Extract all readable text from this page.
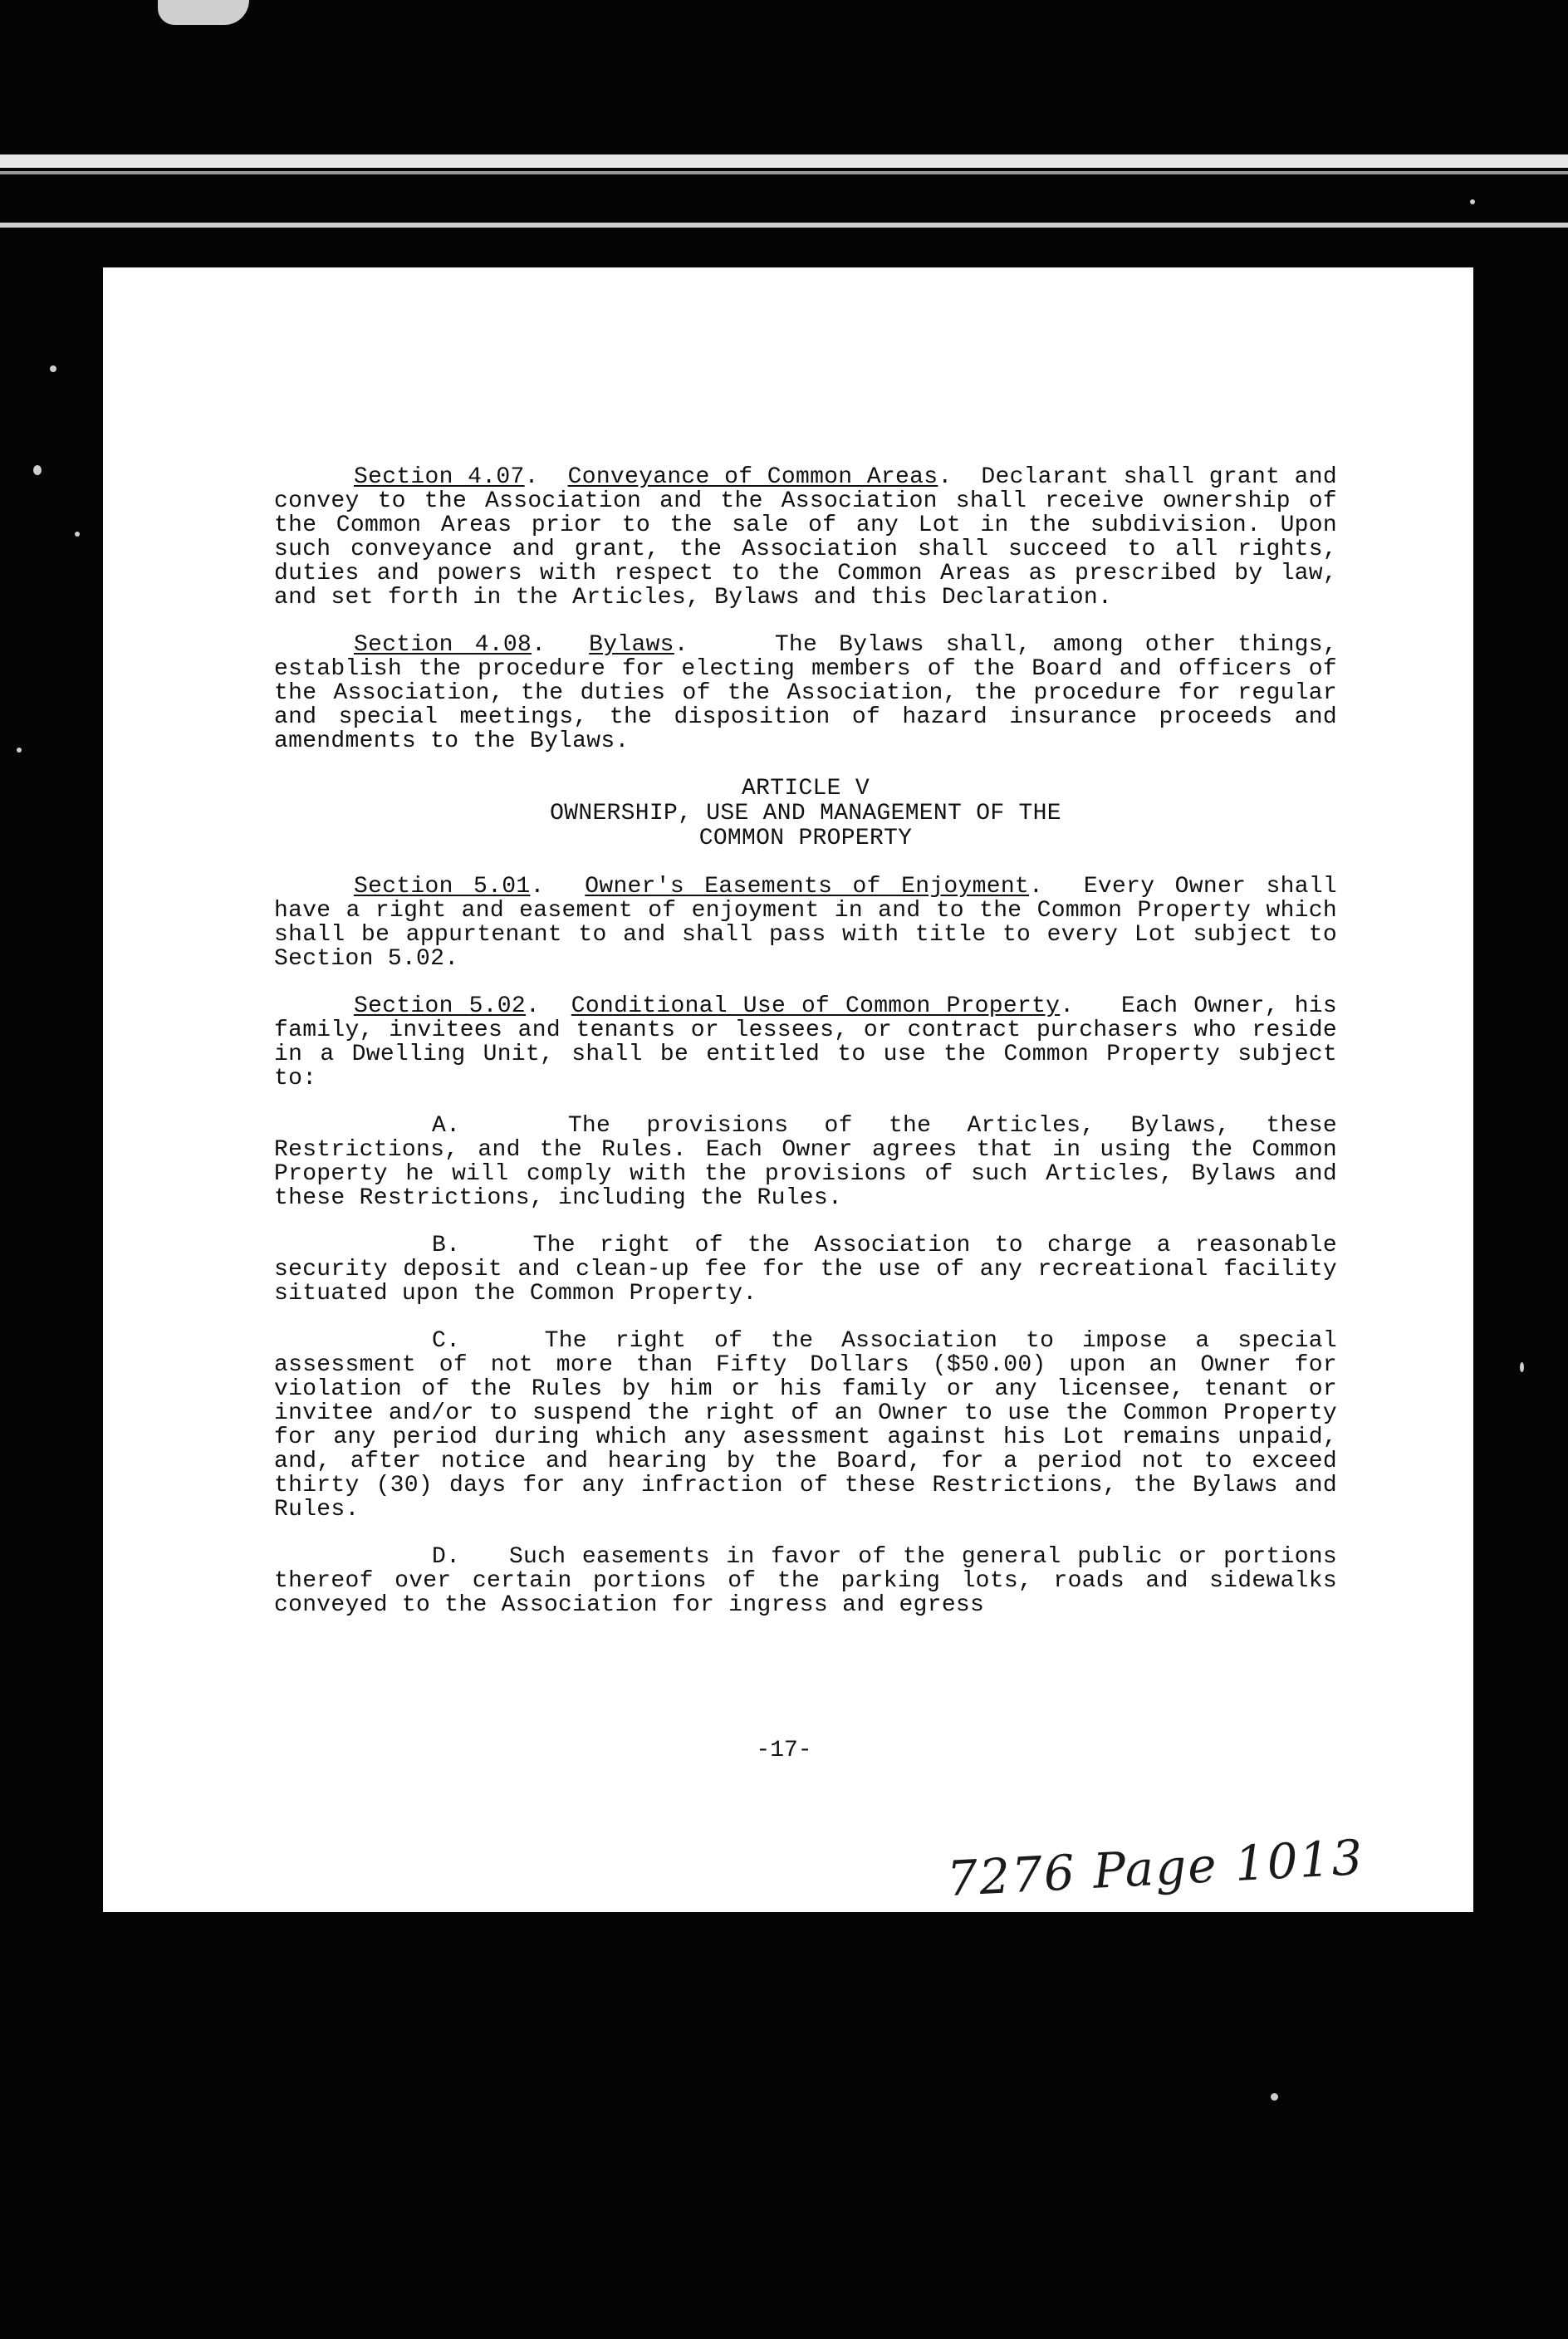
Section 4.07.  Conveyance of Common Areas.  Declarant shall grant and convey to the Association and the Association shall receive ownership of the Common Areas prior to the sale of any Lot in the subdivision. Upon such conveyance and grant, the Association shall succeed to all rights, duties and powers with respect to the Common Areas as prescribed by law, and set forth in the Articles, Bylaws and this Declaration.

Section 4.08.  Bylaws.    The Bylaws shall, among other things, establish the procedure for electing members of the Board and officers of the Association, the duties of the Association, the procedure for regular and special meetings, the disposition of hazard insurance proceeds and amendments to the Bylaws.

ARTICLE V
OWNERSHIP, USE AND MANAGEMENT OF THE
COMMON PROPERTY

Section 5.01.  Owner's Easements of Enjoyment.  Every Owner shall have a right and easement of enjoyment in and to the Common Property which shall be appurtenant to and shall pass with title to every Lot subject to Section 5.02.

Section 5.02.  Conditional Use of Common Property.   Each Owner, his family, invitees and tenants or lessees, or contract purchasers who reside in a Dwelling Unit, shall be entitled to use the Common Property subject to:

A.	The provisions of the Articles, Bylaws, these Restrictions, and the Rules. Each Owner agrees that in using the Common Property he will comply with the provisions of such Articles, Bylaws and these Restrictions, including the Rules.

B.	The right of the Association to charge a reasonable security deposit and clean-up fee for the use of any recreational facility situated upon the Common Property.

C.	The right of the Association to impose a special assessment of not more than Fifty Dollars ($50.00) upon an Owner for violation of the Rules by him or his family or any licensee, tenant or invitee and/or to suspend the right of an Owner to use the Common Property for any period during which any asessment against his Lot remains unpaid, and, after notice and hearing by the Board, for a period not to exceed thirty (30) days for any infraction of these Restrictions, the Bylaws and Rules.

D. Such easements in favor of the general public or portions thereof over certain portions of the parking lots, roads and sidewalks conveyed to the Association for ingress and egress

-17-
7276 Page 1013
